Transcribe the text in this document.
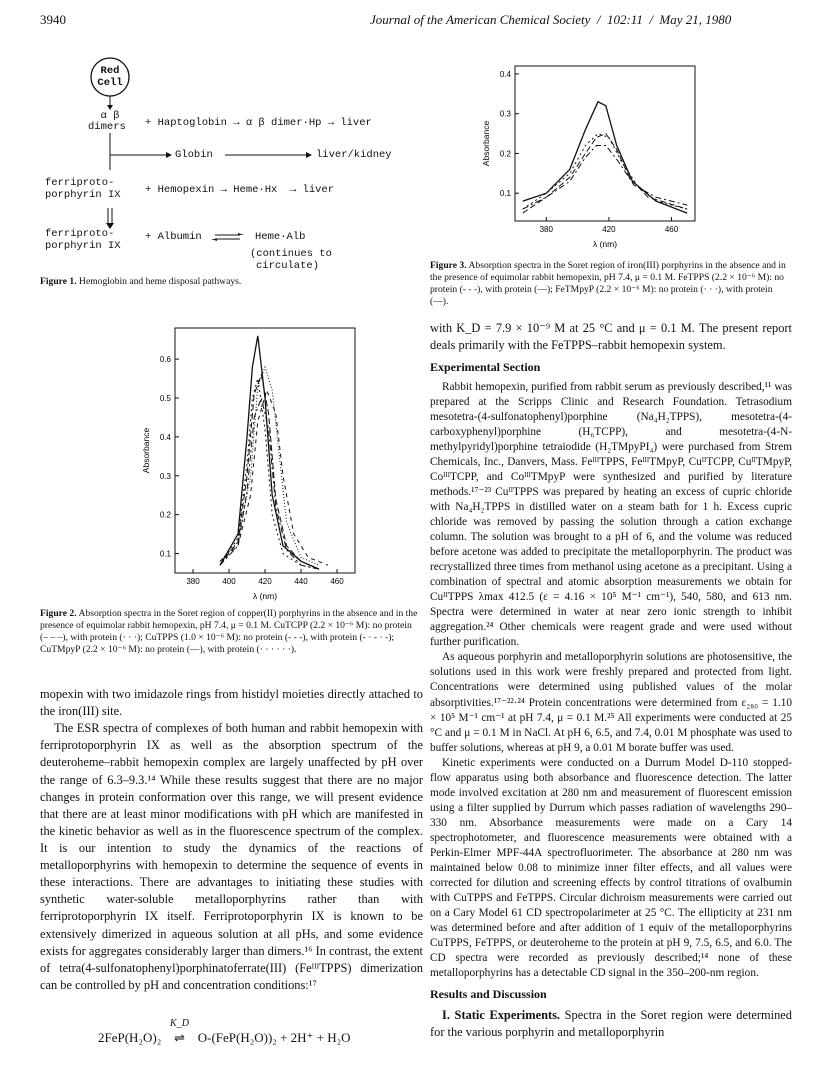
3940	Journal of the American Chemical Society  /  102:11  /  May 21, 1980
Red
Cell
α β
dimers + Haptoglobin → α β dimer·Hp → liver
Globin	liver/kidney
ferriproto-
porphyrin IX + Hemopexin → Heme·Hx  → liver
ferriproto-
porphyrin IX
+ Albumin	Heme·Alb
(continues to
circulate)
Figure 1. Hemoglobin and heme disposal pathways.
380	400	420	440	460
0.1
0.2
0.3
0.4
0.5
0.6
λ (nm)
Absorbance
Figure 2. Absorption spectra in the Soret region of copper(II) porphyrins in the absence and in the presence of equimolar rabbit hemopexin, pH 7.4, μ = 0.1 M. CuTCPP (2.2 × 10⁻⁶ M): no protein (– – –), with protein (· · ·); CuTPPS (1.0 × 10⁻⁶ M): no protein (- - -), with protein (- · - · -); CuTMpyP (2.2 × 10⁻⁶ M): no protein (—), with protein (· · · · · ·).

mopexin with two imidazole rings from histidyl moieties directly attached to the iron(III) site.

The ESR spectra of complexes of both human and rabbit hemopexin with ferriprotoporphyrin IX as well as the absorption spectrum of the deuteroheme–rabbit hemopexin complex are largely unaffected by pH over the range of 6.3–9.3.¹⁴ While these results suggest that there are no major changes in protein conformation over this range, we will present evidence that there are at least minor modifications with pH which are manifested in the kinetic behavior as well as in the fluorescence spectrum of the complex. It is our intention to study the dynamics of the reactions of metalloporphyrins with hemopexin to determine the sequence of events in these interactions. There are advantages to initiating these studies with synthetic water-soluble metalloporphyrins rather than with ferriprotoporphyrin IX itself. Ferriprotoporphyrin IX is known to be extensively dimerized in aqueous solution at all pHs, and some evidence exists for aggregates considerably larger than dimers.¹⁶ In contrast, the extent of tetra(4-sulfonatophenyl)porphinatoferrate(III) (FeᴵᴵᴵTPPS) dimerization can be controlled by pH and concentration conditions:¹⁷

2FeP(H₂O)₂
K_D
⇌ O-(FeP(H₂O))₂ + 2H⁺ + H₂O
380	420	460
0.1
0.2
0.3
0.4
λ (nm)
Absorbance
Figure 3. Absorption spectra in the Soret region of iron(III) porphyrins in the absence and in the presence of equimolar rabbit hemopexin, pH 7.4, μ = 0.1 M. FeTPPS (2.2 × 10⁻⁶ M): no protein (- - -), with protein (—); FeTMpyP (2.2 × 10⁻⁶ M): no protein (· · ·), with protein (—).

with K_D = 7.9 × 10⁻⁹ M at 25 °C and μ = 0.1 M. The present report deals primarily with the FeTPPS–rabbit hemopexin system.

Experimental Section

Rabbit hemopexin, purified from rabbit serum as previously described,¹¹ was prepared at the Scripps Clinic and Research Foundation. Tetrasodium mesotetra-(4-sulfonatophenyl)porphine (Na₄H₂TPPS), mesotetra-(4-carboxyphenyl)porphine (H₆TCPP), and mesotetra-(4-N-methylpyridyl)porphine tetraiodide (H₂TMpyPI₄) were purchased from Strem Chemicals, Inc., Danvers, Mass. FeᴵᴵᴵTPPS, FeᴵᴵᴵTMpyP, CuᴵᴵTCPP, CuᴵᴵTMpyP, CoᴵᴵᴵTCPP, and CoᴵᴵᴵTMpyP were synthesized and purified by literature methods.¹⁷⁻²³ CuᴵᴵTPPS was prepared by heating an excess of cupric chloride with Na₄H₂TPPS in distilled water on a steam bath for 1 h. Excess cupric chloride was removed by passing the solution through a cation exchange column. The solution was brought to a pH of 6, and the volume was reduced before acetone was added to precipitate the metalloporphyrin. The product was recrystallized three times from methanol using acetone as a precipitant. Using a combination of spectral and atomic absorption measurements we obtain for CuᴵᴵTPPS λmax 412.5 (ε = 4.16 × 10⁵ M⁻¹ cm⁻¹), 540, 580, and 613 nm. Spectra were determined in water at near zero ionic strength to inhibit aggregation.²⁴ Other chemicals were reagent grade and were used without further purification.

As aqueous porphyrin and metalloporphyrin solutions are photosensitive, the solutions used in this work were freshly prepared and protected from light. Concentrations were determined using published values of the molar absorptivities.¹⁷⁻²²·²⁴ Protein concentrations were determined from ε₂₈₀ = 1.10 × 10⁵ M⁻¹ cm⁻¹ at pH 7.4, μ = 0.1 M.²⁵ All experiments were conducted at 25 °C and μ = 0.1 M in NaCl. At pH 6, 6.5, and 7.4, 0.01 M phosphate was used to buffer solutions, whereas at pH 9, a 0.01 M borate buffer was used.

Kinetic experiments were conducted on a Durrum Model D-110 stopped-flow apparatus using both absorbance and fluorescence detection. The latter mode involved excitation at 280 nm and measurement of fluorescent emission using a filter supplied by Durrum which passes radiation of wavelengths 290–330 nm. Absorbance measurements were made on a Cary 14 spectrophotometer, and fluorescence measurements were obtained with a Perkin-Elmer MPF-44A spectrofluorimeter. The absorbance at 280 nm was maintained below 0.08 to minimize inner filter effects, and all values were corrected for dilution and screening effects by control titrations of ovalbumin with CuTPPS and FeTPPS. Circular dichroism measurements were carried out on a Cary Model 61 CD spectropolarimeter at 25 °C. The ellipticity at 231 nm was determined before and after addition of 1 equiv of the metalloporphyrins CuTPPS, FeTPPS, or deuteroheme to the protein at pH 9, 7.5, 6.5, and 6.0. The CD spectra were recorded as previously described;¹⁴ none of these metalloporphyrins has a detectable CD signal in the 350–200-nm region.

Results and Discussion

I. Static Experiments. Spectra in the Soret region were determined for the various porphyrin and metalloporphyrin
